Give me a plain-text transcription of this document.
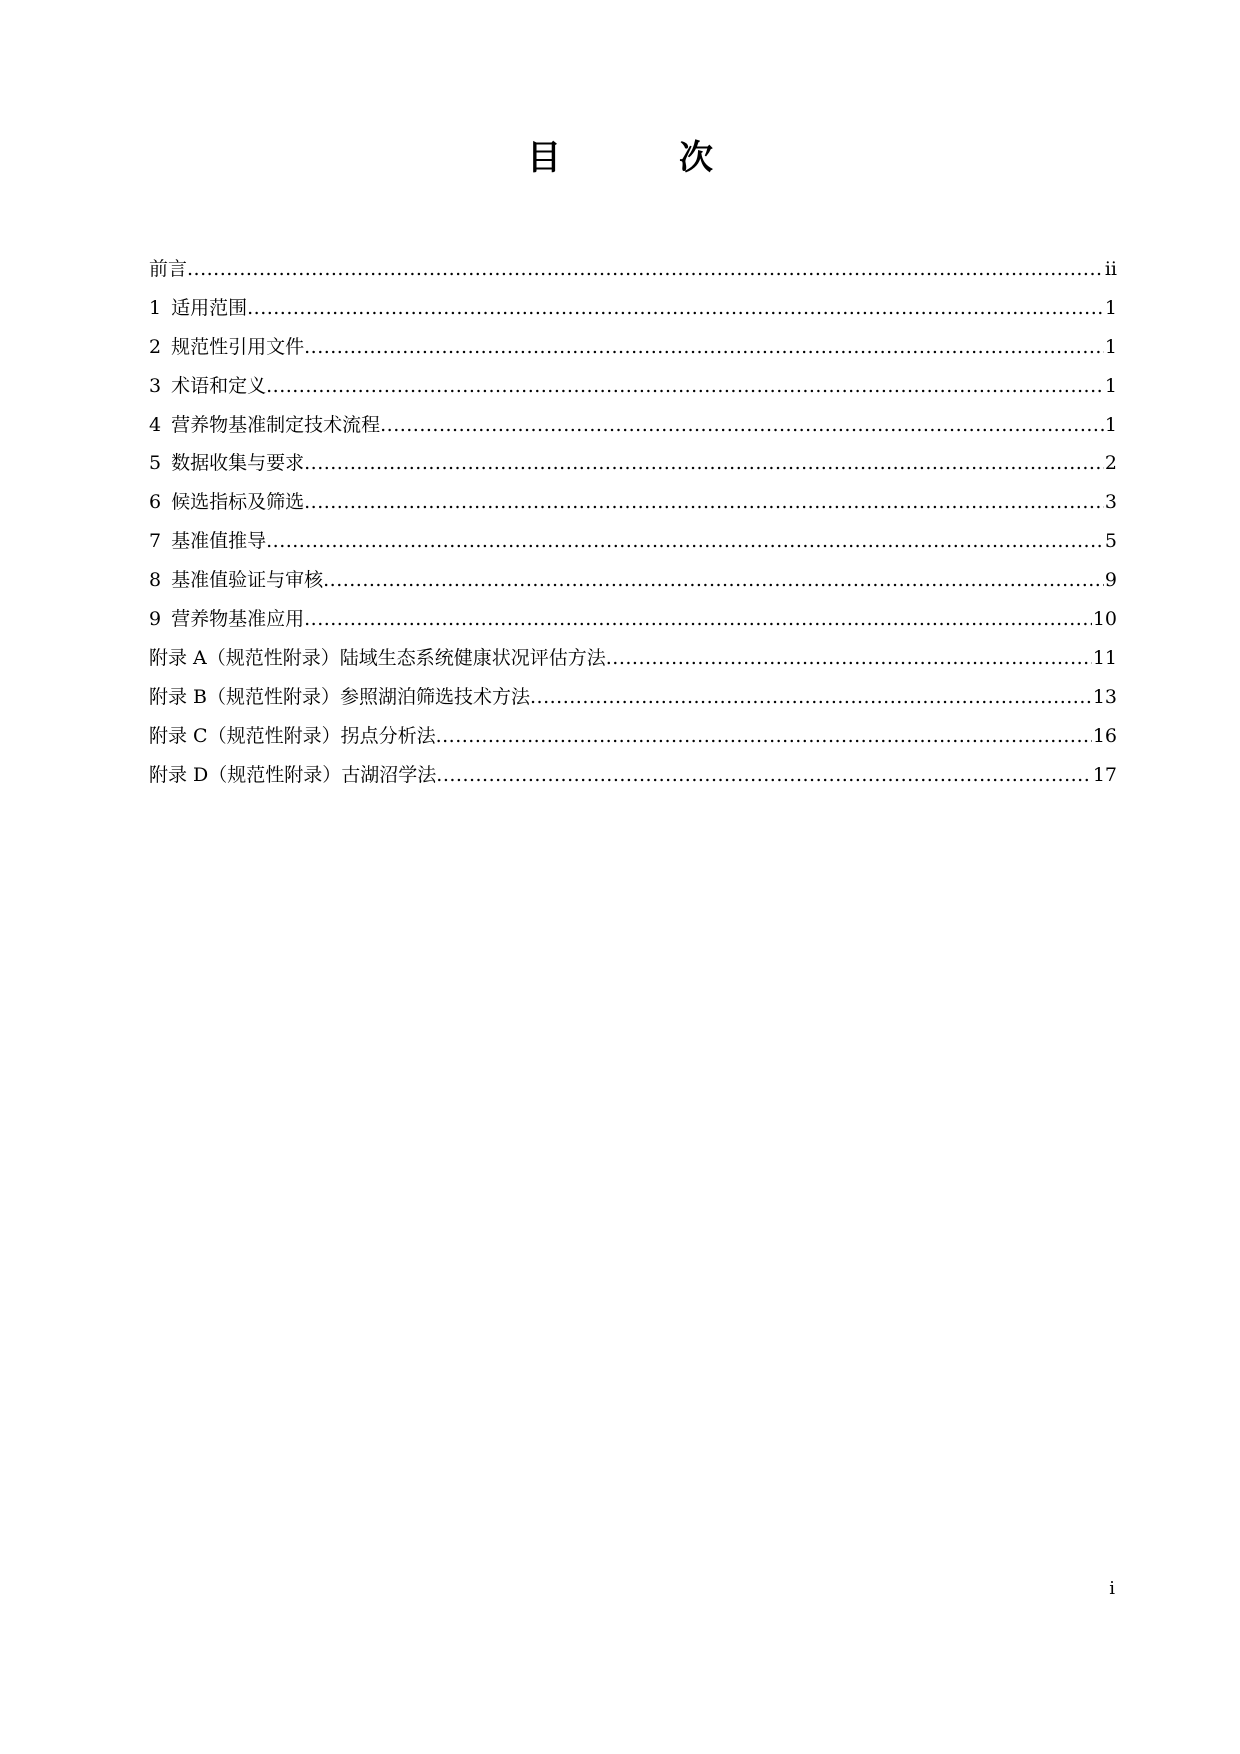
目　次
前言 .....	ii
1 适用范围 .....	1
2 规范性引用文件 .....	1
3 术语和定义 .....	1
4 营养物基准制定技术流程 .....	1
5 数据收集与要求 .....	2
6 候选指标及筛选 .....	3
7 基准值推导 .....	5
8 基准值验证与审核 .....	9
9 营养物基准应用 .....	10
附录 A（规范性附录）陆域生态系统健康状况评估方法 .....	11
附录 B（规范性附录）参照湖泊筛选技术方法 .....	13
附录 C（规范性附录）拐点分析法 .....	16
附录 D（规范性附录）古湖沼学法 .....	17
i
